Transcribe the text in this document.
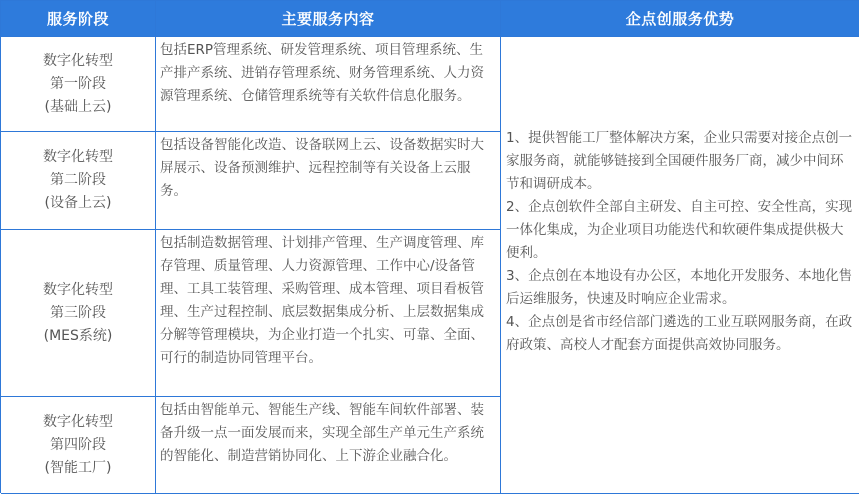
服务阶段	主要服务内容	企点创服务优势
数字化转型
第一阶段
(基础上云)
包括ERP管理系统、研发管理系统、项目管理系统、生产排产系统、进销存管理系统、财务管理系统、人力资源管理系统、仓储管理系统等有关软件信息化服务。

1、提供智能工厂整体解决方案，企业只需要对接企点创一家服务商，就能够链接到全国硬件服务厂商，减少中间环节和调研成本。

2、企点创软件全部自主研发、自主可控、安全性高，实现一体化集成，为企业项目功能迭代和软硬件集成提供极大便利。

3、企点创在本地设有办公区，本地化开发服务、本地化售后运维服务，快速及时响应企业需求。

4、企点创是省市经信部门遴选的工业互联网服务商，在政府政策、高校人才配套方面提供高效协同服务。

数字化转型
第二阶段
(设备上云)
包括设备智能化改造、设备联网上云、设备数据实时大屏展示、设备预测维护、远程控制等有关设备上云服务。
数字化转型
第三阶段
(MES系统)
包括制造数据管理、计划排产管理、生产调度管理、库存管理、质量管理、人力资源管理、工作中心/设备管理、工具工装管理、采购管理、成本管理、项目看板管理、生产过程控制、底层数据集成分析、上层数据集成分解等管理模块，为企业打造一个扎实、可靠、全面、可行的制造协同管理平台。
数字化转型
第四阶段
(智能工厂)
包括由智能单元、智能生产线、智能车间软件部署、装备升级一点一面发展而来，实现全部生产单元生产系统的智能化、制造营销协同化、上下游企业融合化。
